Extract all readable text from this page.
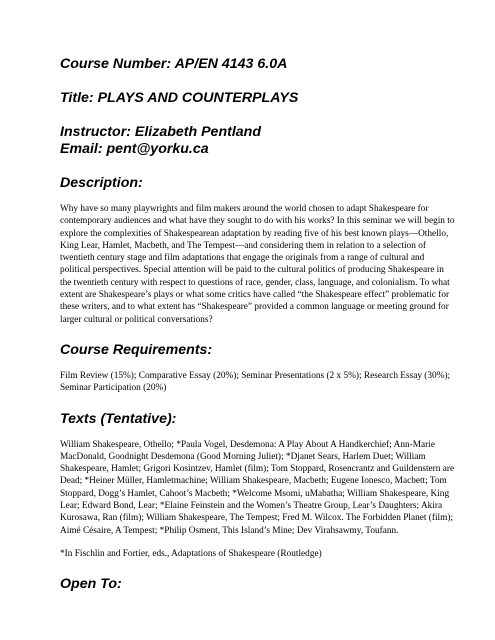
Course Number: AP/EN 4143 6.0A
Title: PLAYS AND COUNTERPLAYS
Instructor: Elizabeth Pentland
Email: pent@yorku.ca
Description:

Why have so many playwrights and film makers around the world chosen to adapt Shakespeare for contemporary audiences and what have they sought to do with his works? In this seminar we will begin to explore the complexities of Shakespearean adaptation by reading five of his best known plays—Othello, King Lear, Hamlet, Macbeth, and The Tempest—and considering them in relation to a selection of twentieth century stage and film adaptations that engage the originals from a range of cultural and political perspectives. Special attention will be paid to the cultural politics of producing Shakespeare in the twentieth century with respect to questions of race, gender, class, language, and colonialism. To what extent are Shakespeare’s plays or what some critics have called “the Shakespeare effect” problematic for these writers, and to what extent has “Shakespeare” provided a common language or meeting ground for larger cultural or political conversations?

Course Requirements:

Film Review (15%); Comparative Essay (20%); Seminar Presentations (2 x 5%); Research Essay (30%); Seminar Participation (20%)

Texts (Tentative):

William Shakespeare, Othello; *Paula Vogel, Desdemona: A Play About A Handkerchief; Ann-Marie MacDonald, Goodnight Desdemona (Good Morning Juliet); *Djanet Sears, Harlem Duet; William Shakespeare, Hamlet; Grigori Kosintzev, Hamlet (film); Tom Stoppard, Rosencrantz and Guildenstern are Dead; *Heiner Müller, Hamletmachine; William Shakespeare, Macbeth; Eugene Ionesco, Macbett; Tom Stoppard, Dogg’s Hamlet, Cahoot’s Macbeth; *Welcome Msomi, uMabatha; William Shakespeare, King Lear; Edward Bond, Lear; *Elaine Feinstein and the Women’s Theatre Group, Lear’s Daughters; Akira Kurosawa, Ran (film); William Shakespeare, The Tempest; Fred M. Wilcox. The Forbidden Planet (film); Aimé Césaire, A Tempest; *Philip Osment, This Island’s Mine; Dev Virahsawmy, Toufann.

*In Fischlin and Fortier, eds., Adaptations of Shakespeare (Routledge)

Open To:
